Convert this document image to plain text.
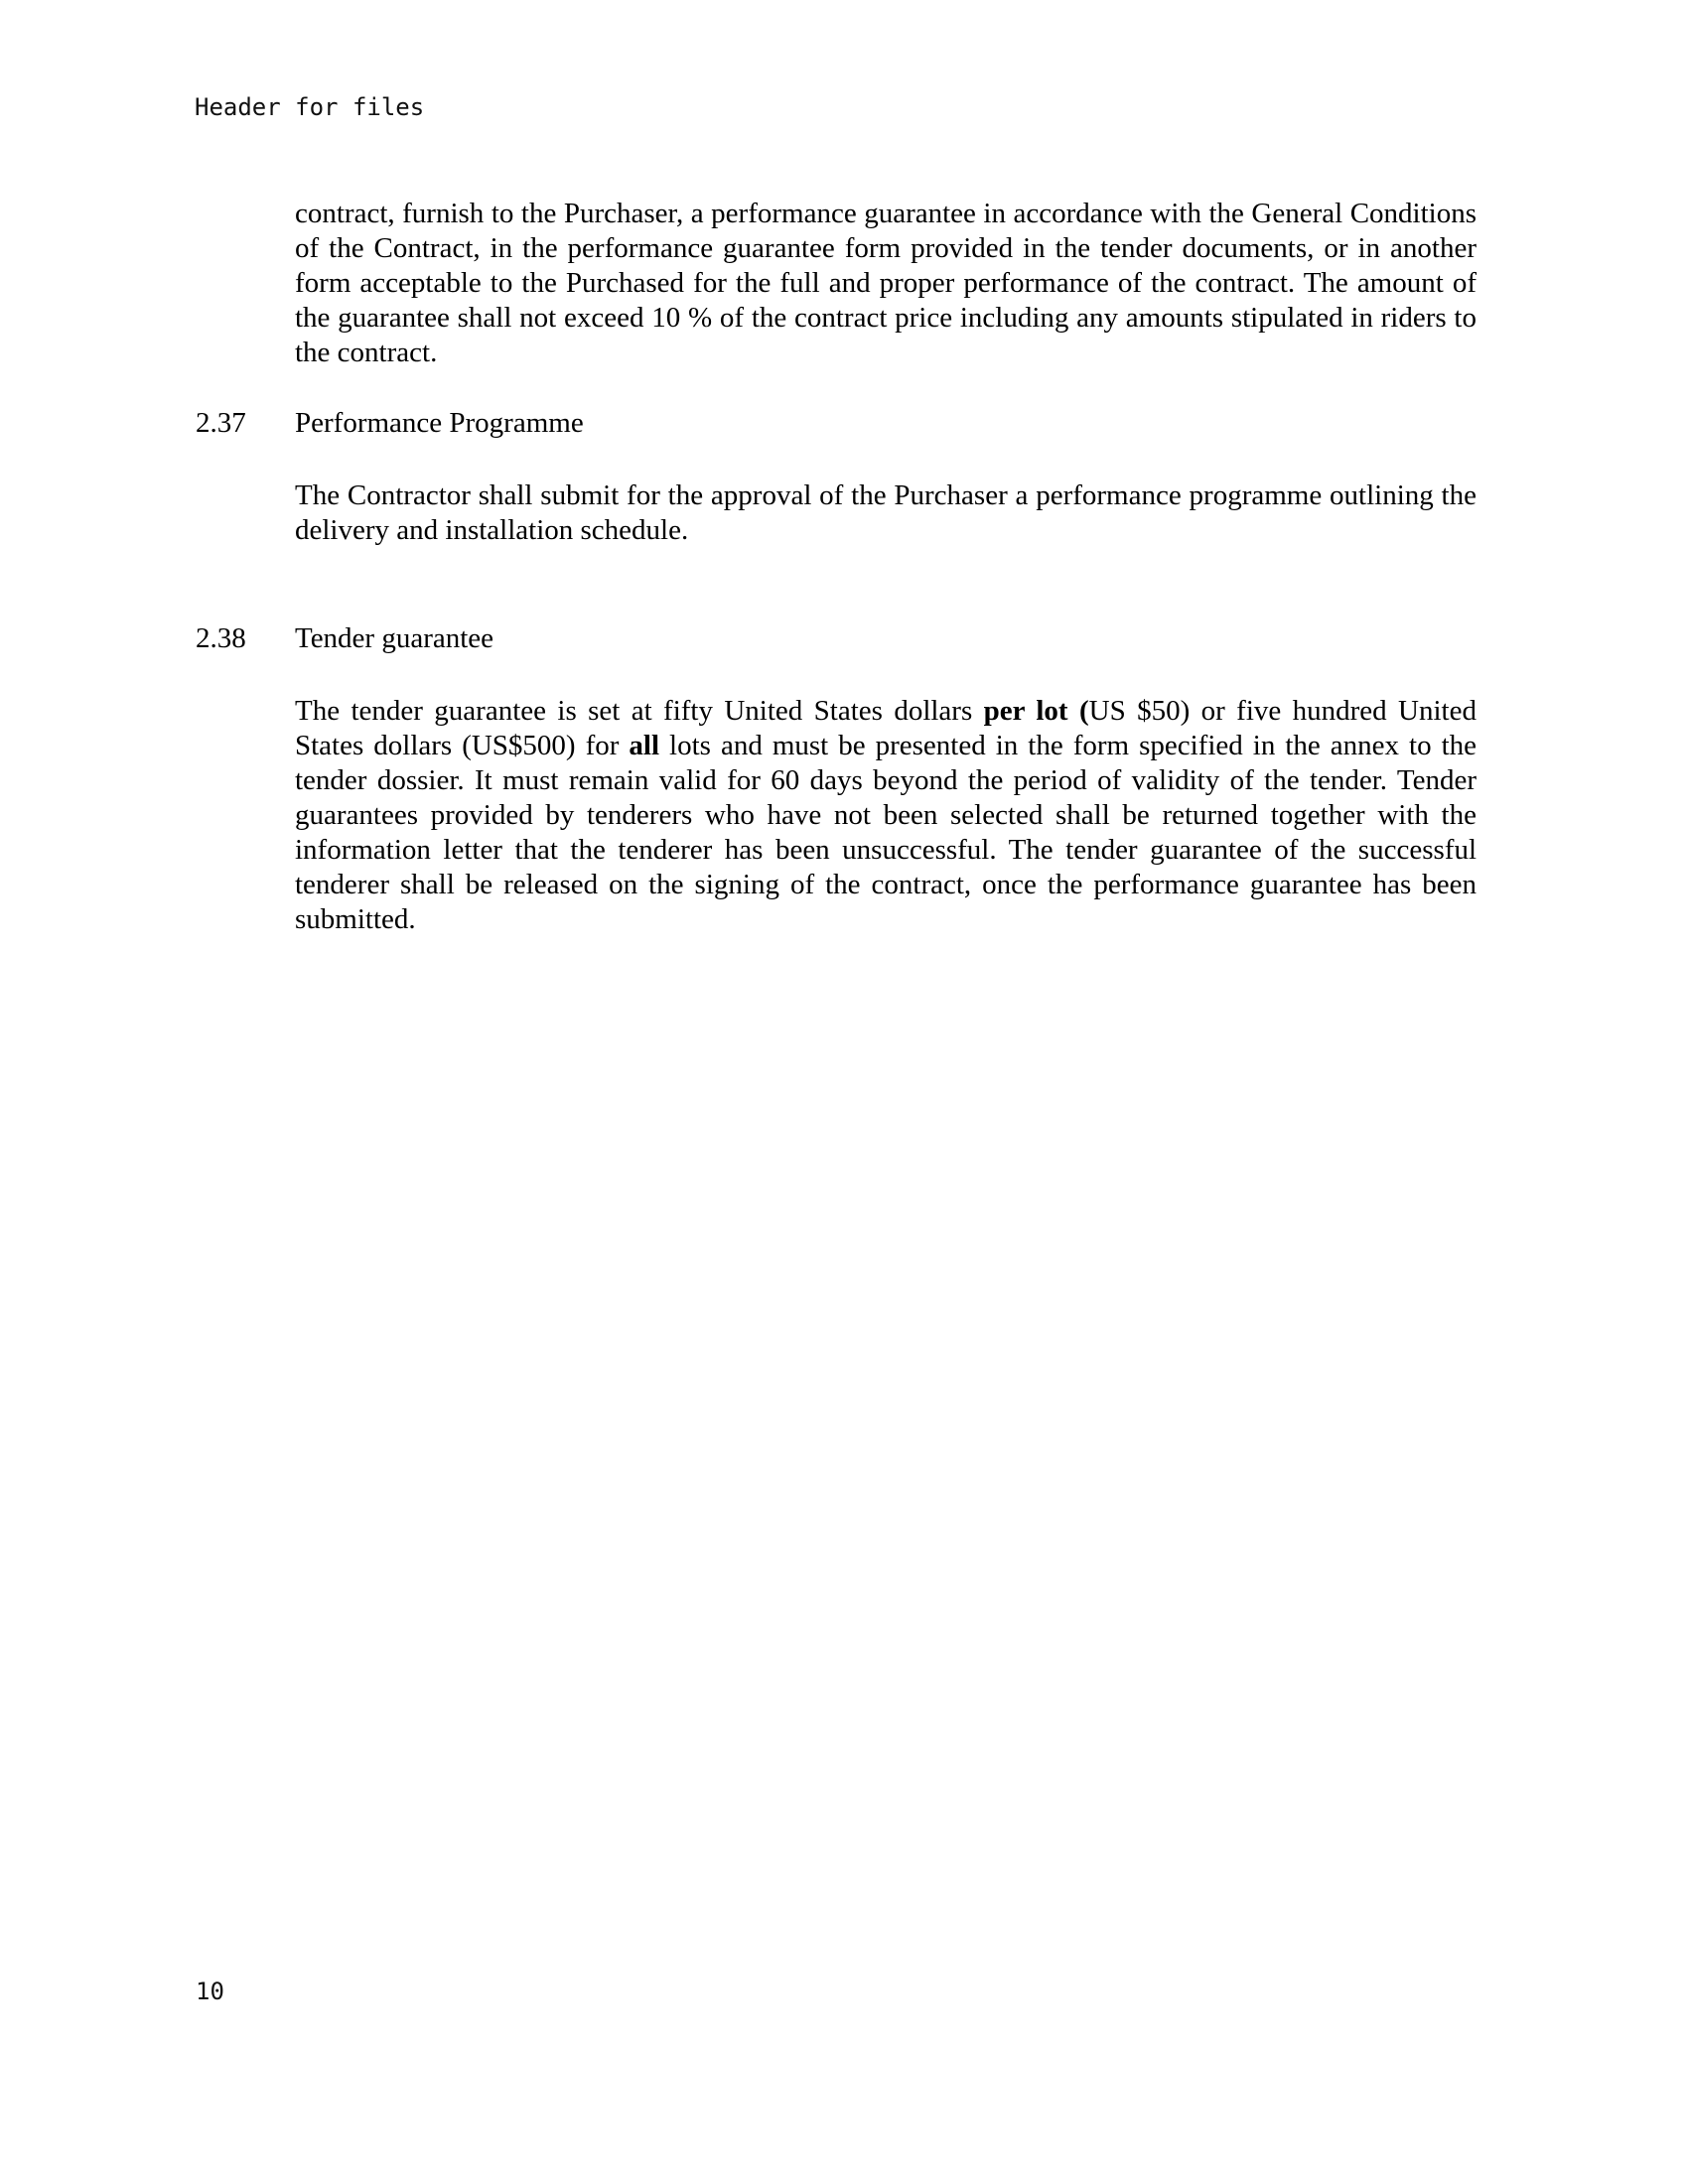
Header for files

contract, furnish to the Purchaser, a performance guarantee in accordance with the General Conditions of the Contract, in the performance guarantee form provided in the tender documents, or in another form acceptable to the Purchased for the full and proper performance of the contract. The amount of the guarantee shall not exceed 10 % of the contract price including any amounts stipulated in riders to the contract.

2.37	Performance Programme

The Contractor shall submit for the approval of the Purchaser a performance programme outlining the delivery and installation schedule.

2.38	Tender guarantee

The tender guarantee is set at fifty United States dollars per lot (US $50) or five hundred United States dollars (US$500) for all lots and must be presented in the form specified in the annex to the tender dossier. It must remain valid for 60 days beyond the period of validity of the tender. Tender guarantees provided by tenderers who have not been selected shall be returned together with the information letter that the tenderer has been unsuccessful. The tender guarantee of the successful tenderer shall be released on the signing of the contract, once the performance guarantee has been submitted.

10
